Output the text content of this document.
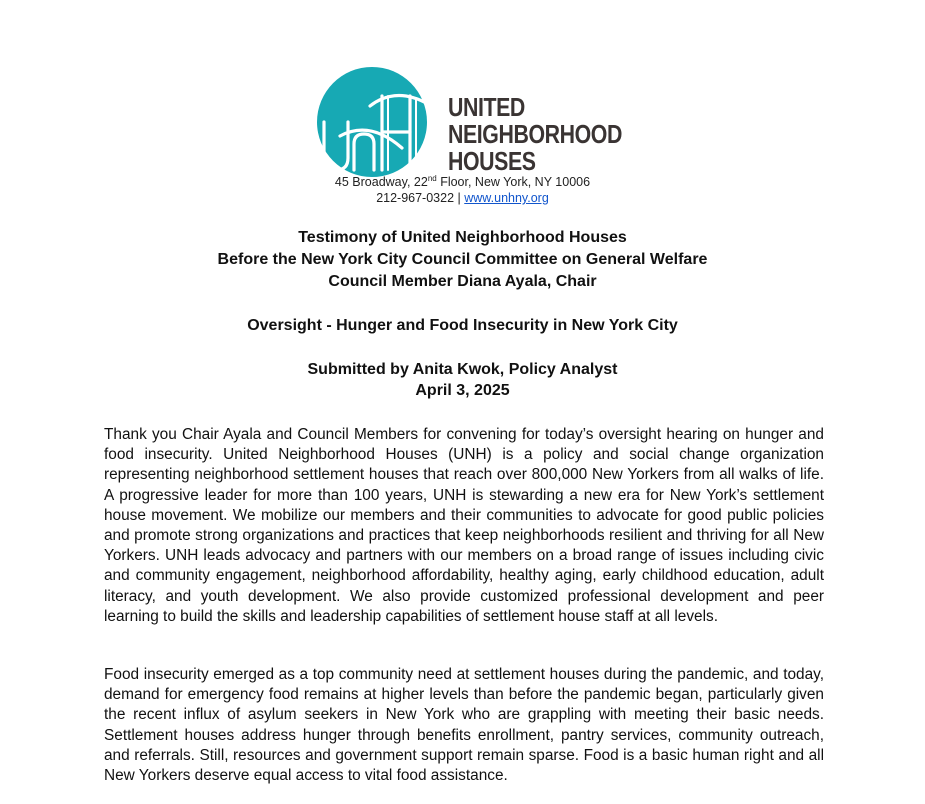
UNITED
NEIGHBORHOOD
HOUSES
45 Broadway, 22nd Floor, New York, NY 10006
212-967-0322 | www.unhny.org
Testimony of United Neighborhood Houses
Before the New York City Council Committee on General Welfare
Council Member Diana Ayala, Chair
Oversight - Hunger and Food Insecurity in New York City
Submitted by Anita Kwok, Policy Analyst
April 3, 2025

Thank you Chair Ayala and Council Members for convening for today’s oversight hearing on hunger and food insecurity. United Neighborhood Houses (UNH) is a policy and social change organization representing neighborhood settlement houses that reach over 800,000 New Yorkers from all walks of life. A progressive leader for more than 100 years, UNH is stewarding a new era for New York’s settlement house movement. We mobilize our members and their communities to advocate for good public policies and promote strong organizations and practices that keep neighborhoods resilient and thriving for all New Yorkers. UNH leads advocacy and partners with our members on a broad range of issues including civic and community engagement, neighborhood affordability, healthy aging, early childhood education, adult literacy, and youth development. We also provide customized professional development and peer learning to build the skills and leadership capabilities of settlement house staff at all levels.

Food insecurity emerged as a top community need at settlement houses during the pandemic, and today, demand for emergency food remains at higher levels than before the pandemic began, particularly given the recent influx of asylum seekers in New York who are grappling with meeting their basic needs. Settlement houses address hunger through benefits enrollment, pantry services, community outreach, and referrals. Still, resources and government support remain sparse. Food is a basic human right and all New Yorkers deserve equal access to vital food assistance.
